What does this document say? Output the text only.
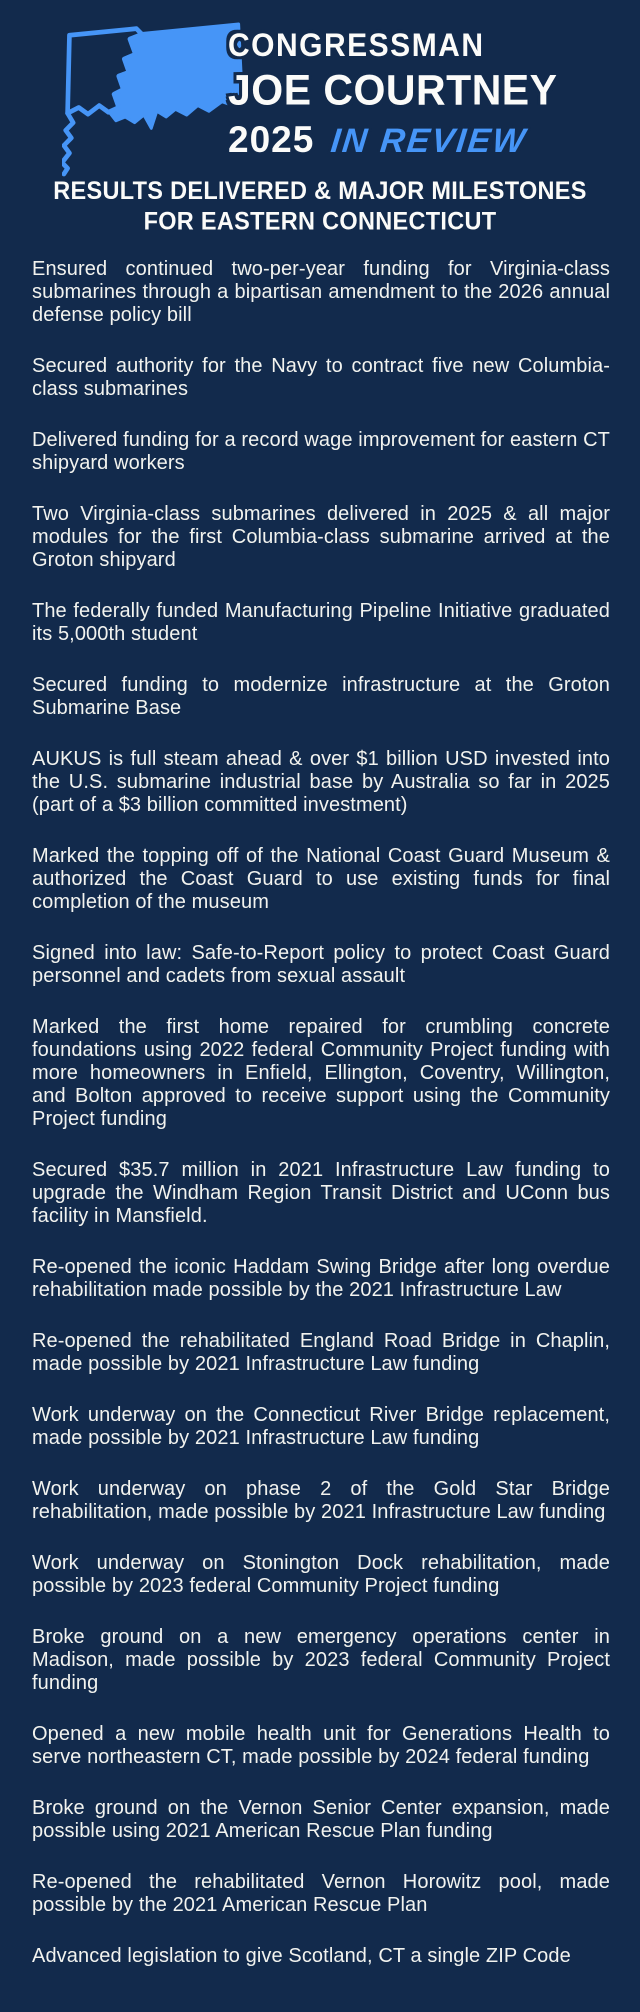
CONGRESSMAN
JOE COURTNEY
2025 IN REVIEW
RESULTS DELIVERED & MAJOR MILESTONES
FOR EASTERN CONNECTICUT

Ensured continued two-per-year funding for Virginia-class submarines through a bipartisan amendment to the 2026 annual defense policy bill

Secured authority for the Navy to contract five new Columbia-class submarines

Delivered funding for a record wage improvement for eastern CT shipyard workers

Two Virginia-class submarines delivered in 2025 & all major modules for the first Columbia-class submarine arrived at the Groton shipyard

The federally funded Manufacturing Pipeline Initiative graduated its 5,000th student

Secured funding to modernize infrastructure at the Groton Submarine Base

AUKUS is full steam ahead & over $1 billion USD invested into the U.S. submarine industrial base by Australia so far in 2025 (part of a $3 billion committed investment)

Marked the topping off of the National Coast Guard Museum & authorized the Coast Guard to use existing funds for final completion of the museum

Signed into law: Safe-to-Report policy to protect Coast Guard personnel and cadets from sexual assault

Marked the first home repaired for crumbling concrete foundations using 2022 federal Community Project funding with more homeowners in Enfield, Ellington, Coventry, Willington, and Bolton approved to receive support using the Community Project funding

Secured $35.7 million in 2021 Infrastructure Law funding to upgrade the Windham Region Transit District and UConn bus facility in Mansfield.

Re-opened the iconic Haddam Swing Bridge after long overdue rehabilitation made possible by the 2021 Infrastructure Law

Re-opened the rehabilitated England Road Bridge in Chaplin, made possible by 2021 Infrastructure Law funding

Work underway on the Connecticut River Bridge replacement, made possible by 2021 Infrastructure Law funding

Work underway on phase 2 of the Gold Star Bridge rehabilitation, made possible by 2021 Infrastructure Law funding

Work underway on Stonington Dock rehabilitation, made possible by 2023 federal Community Project funding

Broke ground on a new emergency operations center in Madison, made possible by 2023 federal Community Project funding

Opened a new mobile health unit for Generations Health to serve northeastern CT, made possible by 2024 federal funding

Broke ground on the Vernon Senior Center expansion, made possible using 2021 American Rescue Plan funding

Re-opened the rehabilitated Vernon Horowitz pool, made possible by the 2021 American Rescue Plan

Advanced legislation to give Scotland, CT a single ZIP Code
